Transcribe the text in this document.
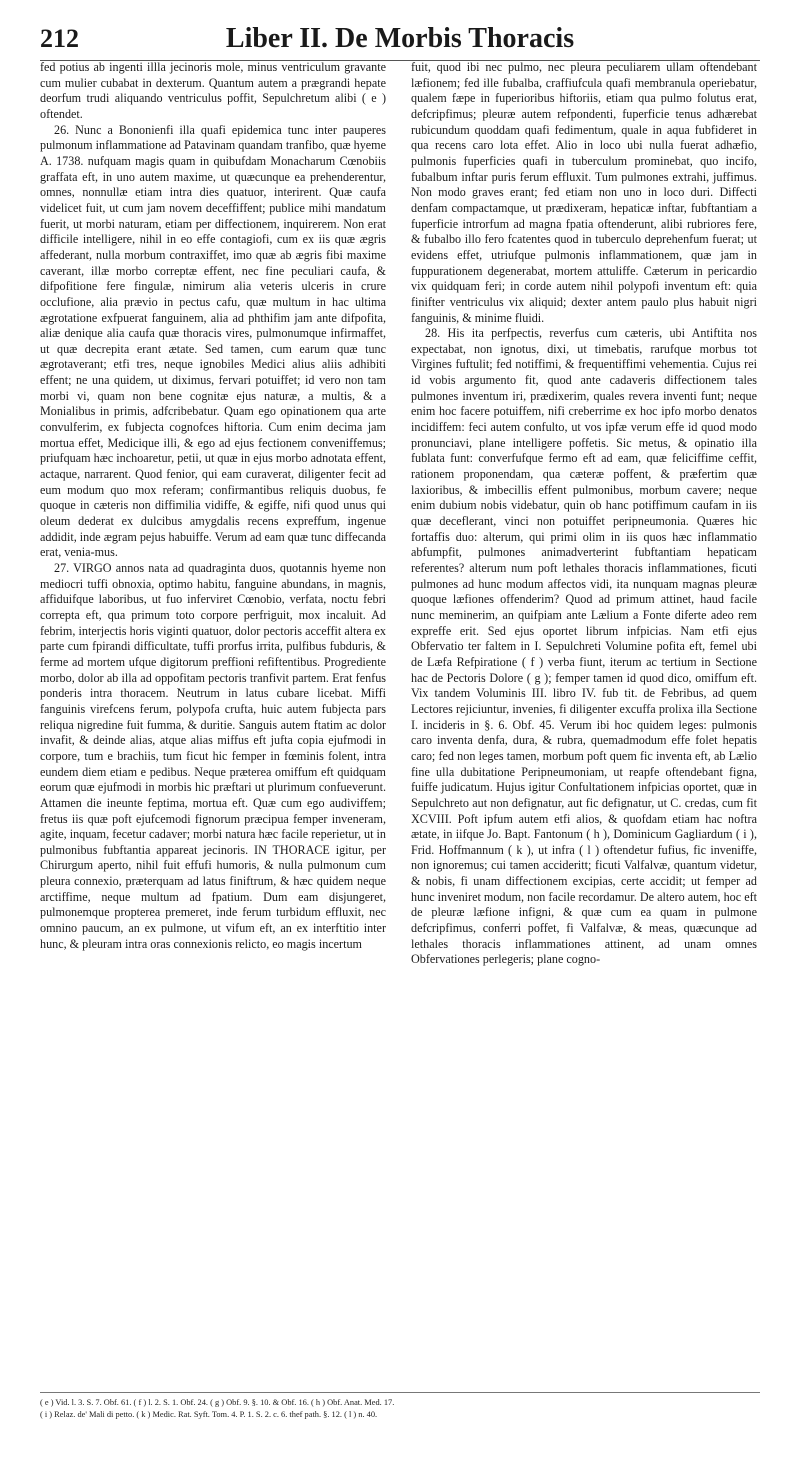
212	Liber II. De Morbis Thoracis

fed potius ab ingenti illla jecinoris mole, minus ventriculum gravante cum mulier cubabat in dexterum. Quantum autem a prægrandi hepate deorfum trudi aliquando ventriculus poffit, Sepulchretum alibi ( e ) oftendet.

26. Nunc a Bononienfi illa quafi epidemica tunc inter pauperes pulmonum inflammatione ad Patavinam quandam tranfibo, quæ hyeme A. 1738. nufquam magis quam in quibufdam Monacharum Cœnobiis graffata eft, in uno autem maxime, ut quæcunque ea prehenderentur, omnes, nonnullæ etiam intra dies quatuor, interirent. Quæ caufa videlicet fuit, ut cum jam novem deceffiffent; publice mihi mandatum fuerit, ut morbi naturam, etiam per diffectionem, inquirerem. Non erat difficile intelligere, nihil in eo effe contagiofi, cum ex iis quæ ægris affederant, nulla morbum contraxiffet, imo quæ ab ægris fibi maxime caverant, illæ morbo correptæ effent, nec fine peculiari caufa, & difpofitione fere fingulæ, nimirum alia veteris ulceris in crure occlufione, alia prævio in pectus cafu, quæ multum in hac ultima ægrotatione exfpuerat fanguinem, alia ad phthifim jam ante difpofita, aliæ denique alia caufa quæ thoracis vires, pulmonumque infirmaffet, ut quæ decrepita erant ætate. Sed tamen, cum earum quæ tunc ægrotaverant; etfi tres, neque ignobiles Medici alius aliis adhibiti effent; ne una quidem, ut diximus, fervari potuiffet; id vero non tam morbi vi, quam non bene cognitæ ejus naturæ, a multis, & a Monialibus in primis, adfcribebatur. Quam ego opinationem qua arte convulferim, ex fubjecta cognofces hiftoria. Cum enim decima jam mortua effet, Medicique illi, & ego ad ejus fectionem conveniffemus; priufquam hæc inchoaretur, petii, ut quæ in ejus morbo adnotata effent, actaque, narrarent. Quod fenior, qui eam curaverat, diligenter fecit ad eum modum quo mox referam; confirmantibus reliquis duobus, fe quoque in cæteris non diffimilia vidiffe, & egiffe, nifi quod unus qui oleum dederat ex dulcibus amygdalis recens expreffum, ingenue addidit, inde ægram pejus habuiffe. Verum ad eam quæ tunc diffecanda erat, venia-mus.

27. VIRGO annos nata ad quadraginta duos, quotannis hyeme non mediocri tuffi obnoxia, optimo habitu, fanguine abundans, in magnis, affiduifque laboribus, ut fuo inferviret Cœnobio, verfata, noctu febri correpta eft, qua primum toto corpore perfriguit, mox incaluit. Ad febrim, interjectis horis viginti quatuor, dolor pectoris acceffit altera ex parte cum fpirandi difficultate, tuffi prorfus irrita, pulfibus fubduris, & ferme ad mortem ufque digitorum preffioni refiftentibus. Progrediente morbo, dolor ab illa ad oppofitam pectoris tranfivit partem. Erat fenfus ponderis intra thoracem. Neutrum in latus cubare licebat. Miffi fanguinis virefcens ferum, polypofa crufta, huic autem fubjecta pars reliqua nigredine fuit fumma, & duritie. Sanguis autem ftatim ac dolor invafit, & deinde alias, atque alias miffus eft jufta copia ejufmodi in corpore, tum e brachiis, tum ficut hic femper in fœminis folent, intra eundem diem etiam e pedibus. Neque præterea omiffum eft quidquam eorum quæ ejufmodi in morbis hic præftari ut plurimum confueverunt. Attamen die ineunte feptima, mortua eft. Quæ cum ego audiviffem; fretus iis quæ poft ejufcemodi fignorum præcipua femper inveneram, agite, inquam, fecetur cadaver; morbi natura hæc facile reperietur, ut in pulmonibus fubftantia appareat jecinoris. IN THORACE igitur, per Chirurgum aperto, nihil fuit effufi humoris, & nulla pulmonum cum pleura connexio, præterquam ad latus finiftrum, & hæc quidem neque arctiffime, neque multum ad fpatium. Dum eam disjungeret, pulmonemque propterea premeret, inde ferum turbidum effluxit, nec omnino paucum, an ex pulmone, ut vifum eft, an ex interftitio inter hunc, & pleuram intra oras connexionis relicto, eo magis incertum

fuit, quod ibi nec pulmo, nec pleura peculiarem ullam oftendebant læfionem; fed ille fubalba, craffiufcula quafi membranula operiebatur, qualem fæpe in fuperioribus hiftoriis, etiam qua pulmo folutus erat, defcripfimus; pleuræ autem refpondenti, fuperficie tenus adhærebat rubicundum quoddam quafi fedimentum, quale in aqua fubfideret in qua recens caro lota effet. Alio in loco ubi nulla fuerat adhæfio, pulmonis fuperficies quafi in tuberculum prominebat, quo incifo, fubalbum inftar puris ferum effluxit. Tum pulmones extrahi, juffimus. Non modo graves erant; fed etiam non uno in loco duri. Diffecti denfam compactamque, ut prædixeram, hepaticæ inftar, fubftantiam a fuperficie introrfum ad magna fpatia oftenderunt, alibi rubriores fere, & fubalbo illo fero fcatentes quod in tuberculo deprehenfum fuerat; ut evidens effet, utriufque pulmonis inflammationem, quæ jam in fuppurationem degenerabat, mortem attuliffe. Cæterum in pericardio vix quidquam feri; in corde autem nihil polypofi inventum eft: quia finifter ventriculus vix aliquid; dexter antem paulo plus habuit nigri fanguinis, & minime fluidi.

28. His ita perfpectis, reverfus cum cæteris, ubi Antiftita nos expectabat, non ignotus, dixi, ut timebatis, rarufque morbus tot Virgines fuftulit; fed notiffimi, & frequentiffimi vehementia. Cujus rei id vobis argumento fit, quod ante cadaveris diffectionem tales pulmones inventum iri, prædixerim, quales revera inventi funt; neque enim hoc facere potuiffem, nifi creberrime ex hoc ipfo morbo denatos incidiffem: feci autem confulto, ut vos ipfæ verum effe id quod modo pronunciavi, plane intelligere poffetis. Sic metus, & opinatio illa fublata funt: converfufque fermo eft ad eam, quæ feliciffime ceffit, rationem proponendam, qua cæteræ poffent, & præfertim quæ laxioribus, & imbecillis effent pulmonibus, morbum cavere; neque enim dubium nobis videbatur, quin ob hanc potiffimum caufam in iis quæ deceflerant, vinci non potuiffet peripneumonia. Quæres hic fortaffis duo: alterum, qui primi olim in iis quos hæc inflammatio abfumpfit, pulmones animadverterint fubftantiam hepaticam referentes? alterum num poft lethales thoracis inflammationes, ficuti pulmones ad hunc modum affectos vidi, ita nunquam magnas pleuræ quoque læfiones offenderim? Quod ad primum attinet, haud facile nunc meminerim, an quifpiam ante Lælium a Fonte diferte adeo rem expreffe erit. Sed ejus oportet librum infpicias. Nam etfi ejus Obfervatio ter faltem in I. Sepulchreti Volumine pofita eft, femel ubi de Læfa Refpiratione ( f ) verba fiunt, iterum ac tertium in Sectione hac de Pectoris Dolore ( g ); femper tamen id quod dico, omiffum eft. Vix tandem Voluminis III. libro IV. fub tit. de Febribus, ad quem Lectores rejiciuntur, invenies, fi diligenter excuffa prolixa illa Sectione I. incideris in §. 6. Obf. 45. Verum ibi hoc quidem leges: pulmonis caro inventa denfa, dura, & rubra, quemadmodum effe folet hepatis caro; fed non leges tamen, morbum poft quem fic inventa eft, ab Lælio fine ulla dubitatione Peripneumoniam, ut reapfe oftendebant figna, fuiffe judicatum. Hujus igitur Confultationem infpicias oportet, quæ in Sepulchreto aut non defignatur, aut fic defignatur, ut C. credas, cum fit XCVIII. Poft ipfum autem etfi alios, & quofdam etiam hac noftra ætate, in iifque Jo. Bapt. Fantonum ( h ), Dominicum Gagliardum ( i ), Frid. Hoffmannum ( k ), ut infra ( l ) oftendetur fufius, fic inveniffe, non ignoremus; cui tamen accideritt; ficuti Valfalvæ, quantum videtur, & nobis, fi unam diffectionem excipias, certe accidit; ut femper ad hunc inveniret modum, non facile recordamur. De altero autem, hoc eft de pleuræ læfione infigni, & quæ cum ea quam in pulmone defcripfimus, conferri poffet, fi Valfalvæ, & meas, quæcunque ad lethales thoracis inflammationes attinent, ad unam omnes Obfervationes perlegeris; plane cogno-

( e ) Vid. l. 3. S. 7. Obf. 61. ( f ) l. 2. S. 1. Obf. 24. ( g ) Obf. 9. §. 10. & Obf. 16. ( h ) Obf. Anat. Med. 17.
( i ) Relaz. de' Mali di petto. ( k ) Medic. Rat. Syft. Tom. 4. P. 1. S. 2. c. 6. thef path. §. 12. ( l ) n. 40.
